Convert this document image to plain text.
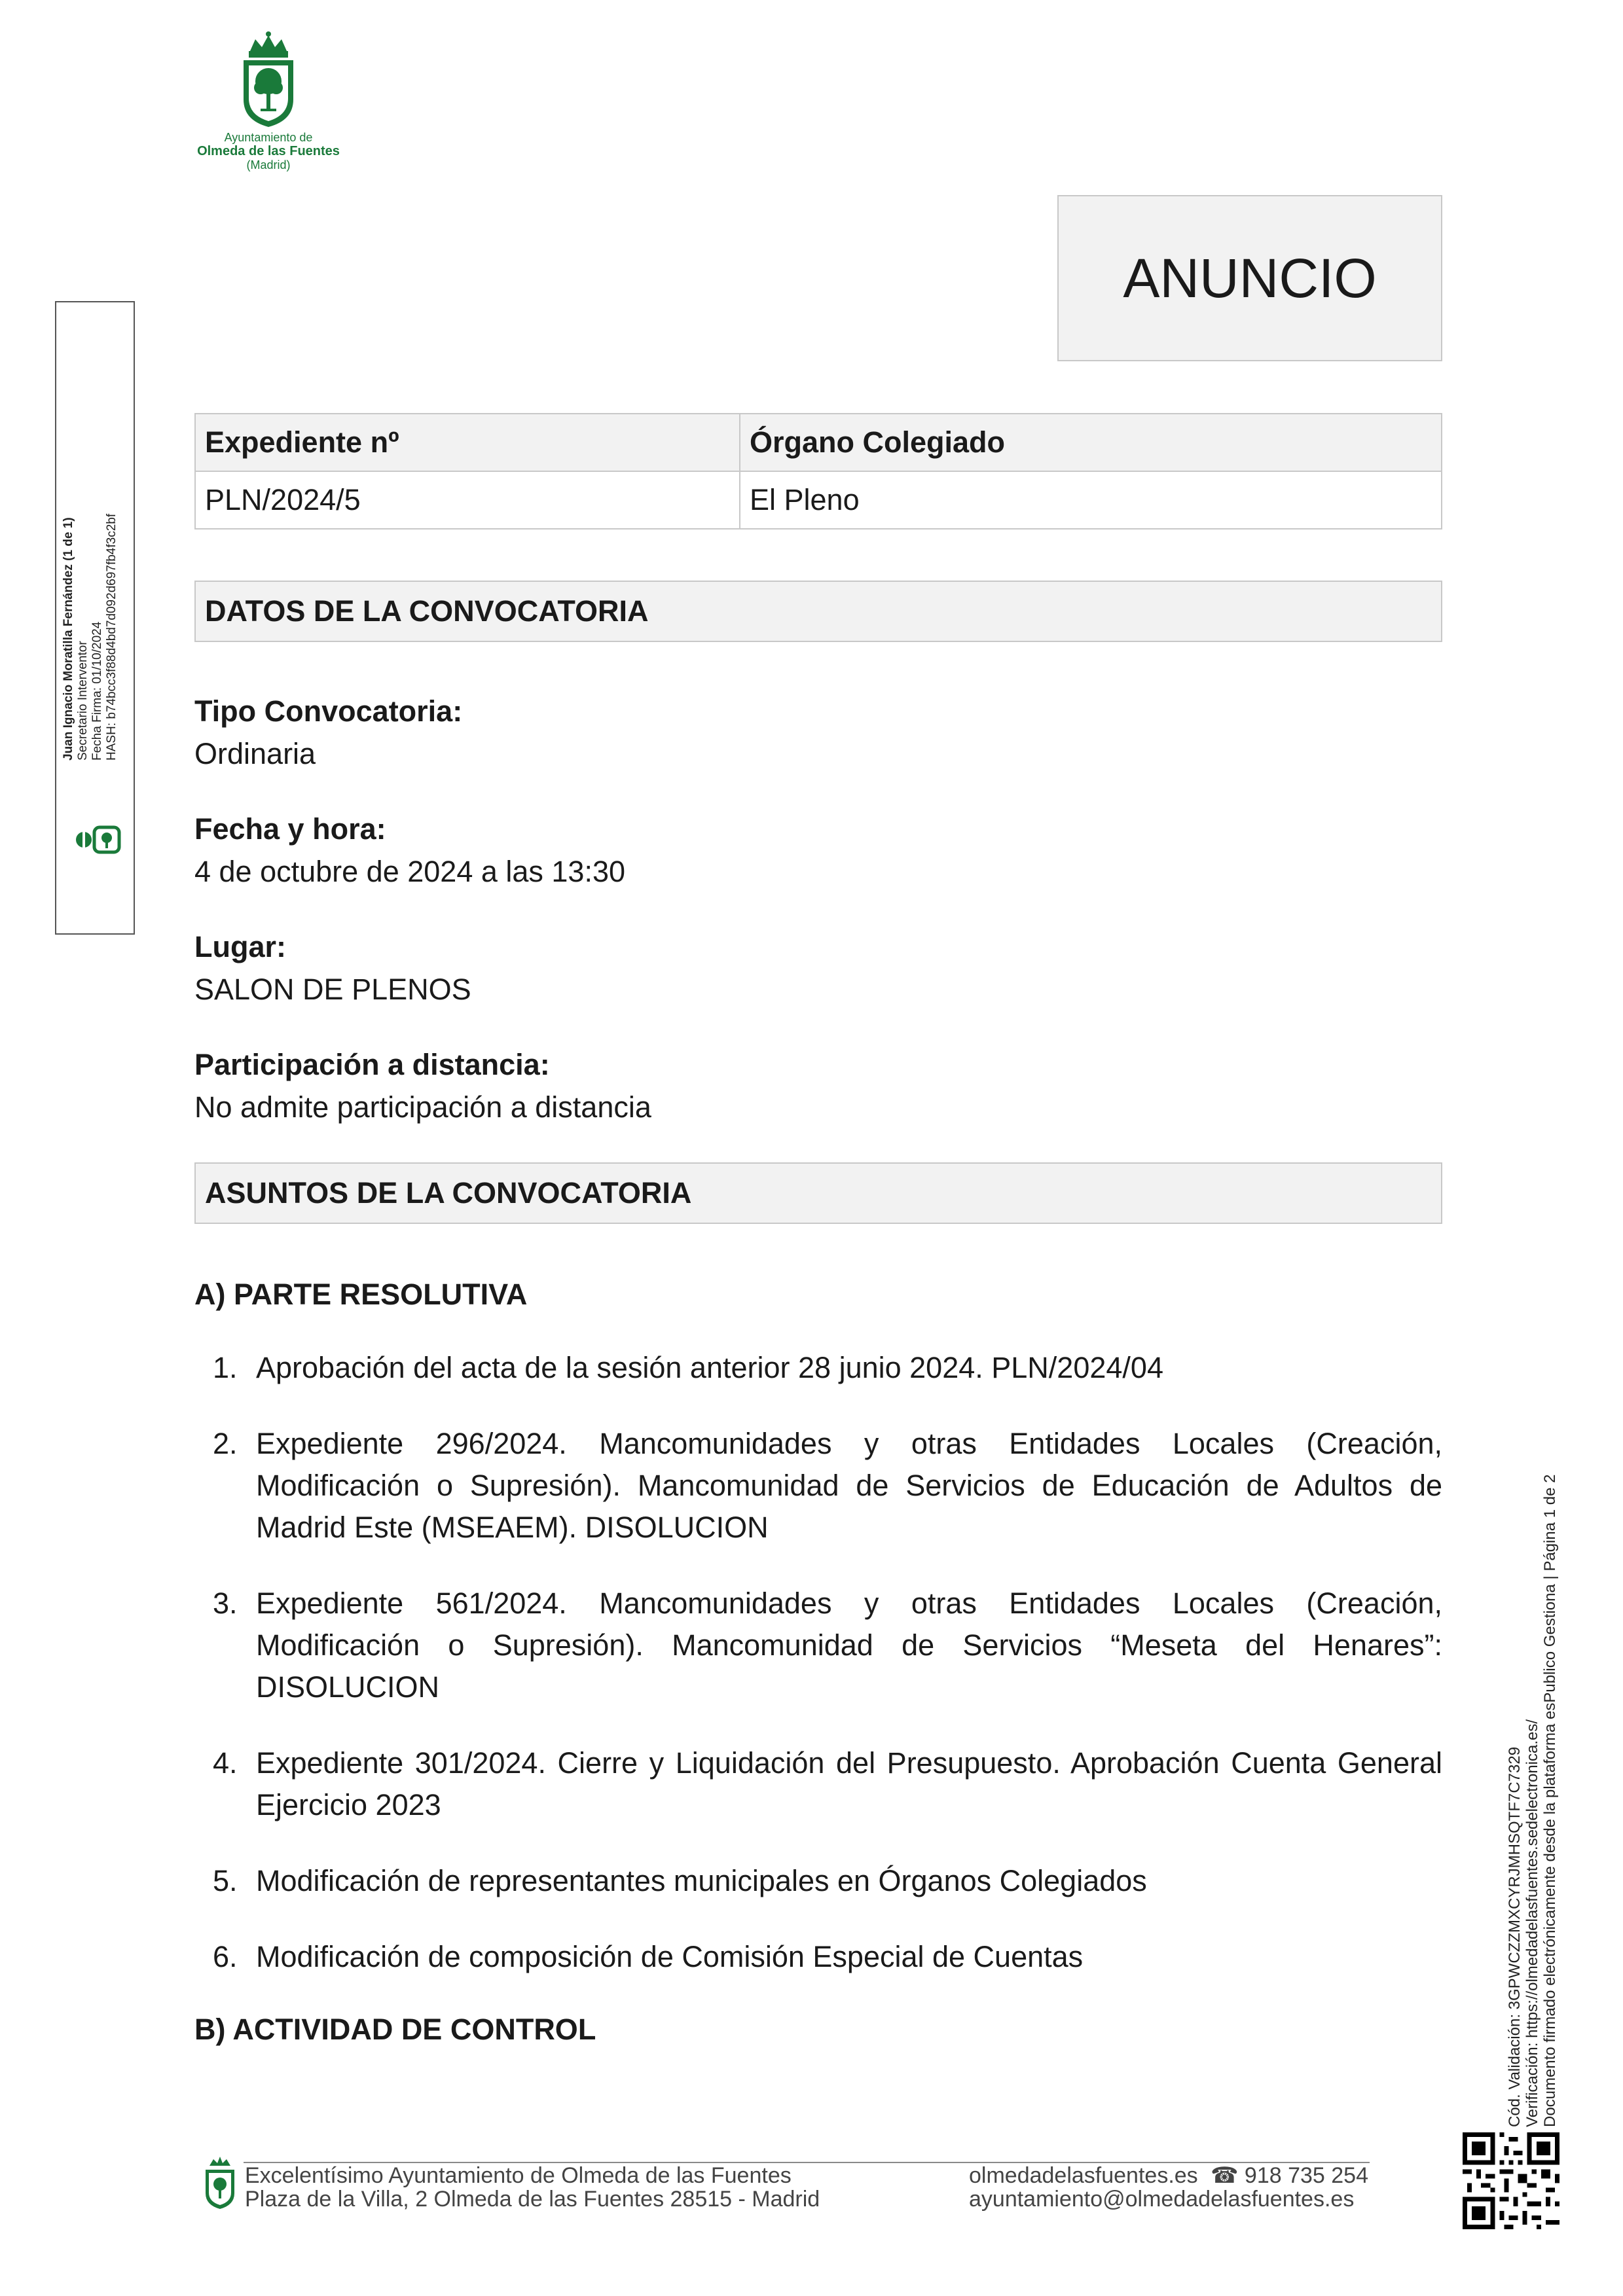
Ayuntamiento de
Olmeda de las Fuentes
(Madrid)
ANUNCIO
Expediente nº	Órgano Colegiado
PLN/2024/5	El Pleno
DATOS DE LA CONVOCATORIA
Tipo Convocatoria:
Ordinaria
Fecha y hora:
4 de octubre de 2024 a las 13:30
Lugar:
SALON DE PLENOS
Participación a distancia:
No admite participación a distancia
ASUNTOS DE LA CONVOCATORIA
A) PARTE RESOLUTIVA
1. Aprobación del acta de la sesión anterior 28 junio 2024. PLN/2024/04
2. Expediente 296/2024. Mancomunidades y otras Entidades Locales (Creación, Modificación o Supresión). Mancomunidad de Servicios de Educación de Adultos de Madrid Este (MSEAEM). DISOLUCION
3. Expediente 561/2024. Mancomunidades y otras Entidades Locales (Creación, Modificación o Supresión). Mancomunidad de Servicios “Meseta del Henares”: DISOLUCION
4. Expediente 301/2024. Cierre y Liquidación del Presupuesto. Aprobación Cuenta General Ejercicio 2023
5. Modificación de representantes municipales en Órganos Colegiados
6. Modificación de composición de Comisión Especial de Cuentas
B) ACTIVIDAD DE CONTROL
Juan Ignacio Moratilla Fernández (1 de 1) Secretario Interventor Fecha Firma: 01/10/2024 HASH: b74bcc3f88d4bd7d092d697fb4f3c2bf
Cód. Validación: 3GPWCZZMXCYRJMHSQTF7C7329 Verificación: https://olmedadelasfuentes.sedelectronica.es/ Documento firmado electrónicamente desde la plataforma esPublico Gestiona | Página 1 de 2
Excelentísimo Ayuntamiento de Olmeda de las Fuentes
Plaza de la Villa, 2 Olmeda de las Fuentes 28515 - Madrid
olmedadelasfuentes.es ☎ 918 735 254
ayuntamiento@olmedadelasfuentes.es
